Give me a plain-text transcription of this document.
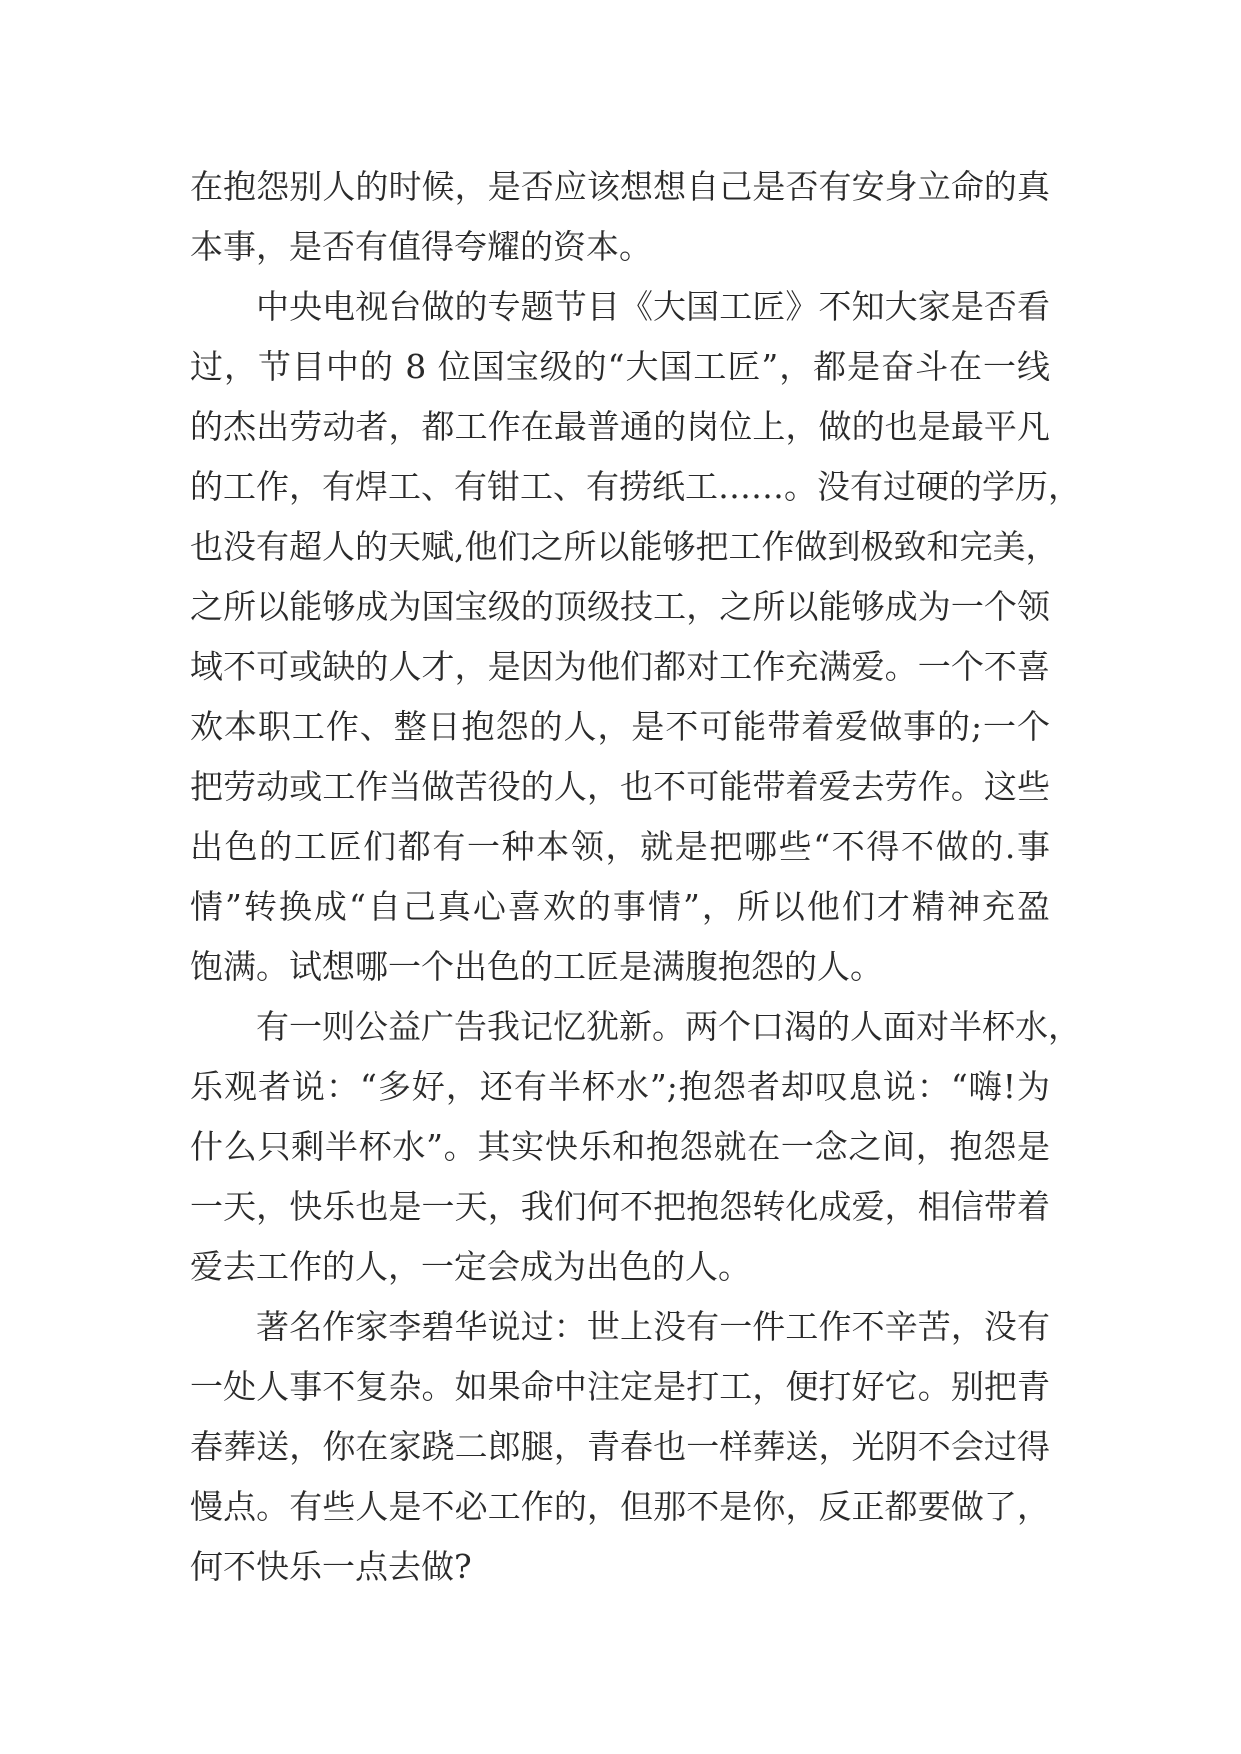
在抱怨别人的时候，是否应该想想自己是否有安身立命的真
本事，是否有值得夸耀的资本。
中央电视台做的专题节目《大国工匠》不知大家是否看
过，节目中的 8 位国宝级的“大国工匠”，都是奋斗在一线
的杰出劳动者，都工作在最普通的岗位上，做的也是最平凡
的工作，有焊工、有钳工、有捞纸工……。没有过硬的学历，
也没有超人的天赋,他们之所以能够把工作做到极致和完美，
之所以能够成为国宝级的顶级技工，之所以能够成为一个领
域不可或缺的人才，是因为他们都对工作充满爱。一个不喜
欢本职工作、整日抱怨的人，是不可能带着爱做事的;一个
把劳动或工作当做苦役的人，也不可能带着爱去劳作。这些
出色的工匠们都有一种本领，就是把哪些“不得不做的.事
情”转换成“自己真心喜欢的事情”，所以他们才精神充盈
饱满。试想哪一个出色的工匠是满腹抱怨的人。
有一则公益广告我记忆犹新。两个口渴的人面对半杯水，
乐观者说：“多好，还有半杯水”;抱怨者却叹息说：“嗨!为
什么只剩半杯水”。其实快乐和抱怨就在一念之间，抱怨是
一天，快乐也是一天，我们何不把抱怨转化成爱，相信带着
爱去工作的人，一定会成为出色的人。
著名作家李碧华说过：世上没有一件工作不辛苦，没有
一处人事不复杂。如果命中注定是打工，便打好它。别把青
春葬送，你在家跷二郎腿，青春也一样葬送，光阴不会过得
慢点。有些人是不必工作的，但那不是你，反正都要做了，
何不快乐一点去做?
